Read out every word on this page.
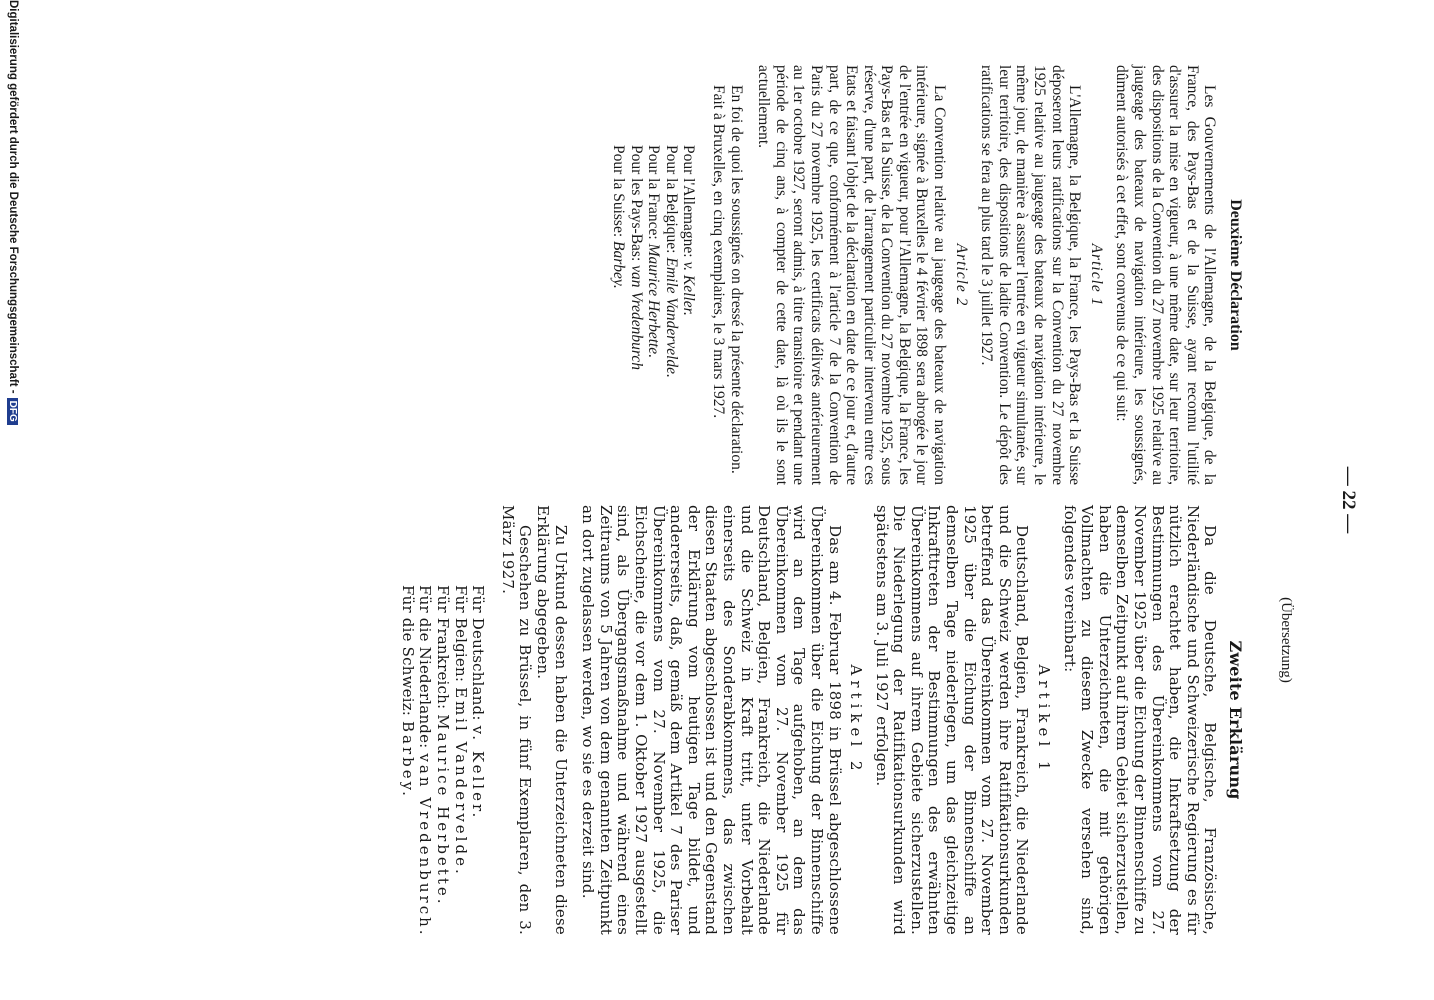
— 22 —
(Übersetzung)
Deuxième Déclaration

Les Gouvernements de l'Allemagne, de la Belgique, de la France, des Pays-Bas et de la Suisse, ayant reconnu l'utilité d'assurer la mise en vigueur, à une même date, sur leur territoire, des dispositions de la Convention du 27 novembre 1925 relative au jaugeage des bateaux de navigation intérieure, les soussignés, dûment autorisés à cet effet, sont convenus de ce qui suit:

Article 1

L'Allemagne, la Belgique, la France, les Pays-Bas et la Suisse déposeront leurs ratifications sur la Convention du 27 novembre 1925 relative au jaugeage des bateaux de navigation intérieure, le même jour, de manière à assurer l'entrée en vigueur simultanée, sur leur territoire, des dispositions de ladite Convention. Le dépôt des ratifications se fera au plus tard le 3 juillet 1927.

Article 2

La Convention relative au jaugeage des bateaux de navigation intérieure, signée à Bruxelles le 4 février 1898 sera abrogée le jour de l'entrée en vigueur, pour l'Allemagne, la Belgique, la France, les Pays-Bas et la Suisse, de la Convention du 27 novembre 1925, sous réserve, d'une part, de l'arrangement particulier intervenu entre ces Etats et faisant l'objet de la déclaration en date de ce jour et, d'autre part, de ce que, conformément à l'article 7 de la Convention de Paris du 27 novembre 1925, les certificats délivrés antérieurement au 1er octobre 1927, seront admis, à titre transitoire et pendant une période de cinq ans, à compter de cette date, là où ils le sont actuellement.

En foi de quoi les soussignés on dressé la présente déclaration.

Fait à Bruxelles, en cinq exemplaires, le 3 mars 1927.

Pour l'Allemagne: v. Keller.
Pour la Belgique: Emile Vandervelde.
Pour la France: Maurice Herbette.
Pour les Pays-Bas: van Vredenburch
Pour la Suisse: Barbey.
Zweite Erklärung

Da die Deutsche, Belgische, Französische, Niederländische und Schweizerische Regierung es für nützlich erachtet haben, die Inkraftsetzung der Bestimmungen des Übereinkommens vom 27. November 1925 über die Eichung der Binnenschiffe zu demselben Zeitpunkt auf ihrem Gebiet sicherzustellen, haben die Unterzeichneten, die mit gehörigen Vollmachten zu diesem Zwecke versehen sind, folgendes vereinbart:

Artikel 1

Deutschland, Belgien, Frankreich, die Niederlande und die Schweiz werden ihre Ratifikationsurkunden betreffend das Übereinkommen vom 27. November 1925 über die Eichung der Binnenschiffe an demselben Tage niederlegen, um das gleichzeitige Inkrafttreten der Bestimmungen des erwähnten Übereinkommens auf ihrem Gebiete sicherzustellen. Die Niederlegung der Ratifikationsurkunden wird spätestens am 3. Juli 1927 erfolgen.

Artikel 2

Das am 4. Februar 1898 in Brüssel abgeschlossene Übereinkommen über die Eichung der Binnenschiffe wird an dem Tage aufgehoben, an dem das Übereinkommen vom 27. November 1925 für Deutschland, Belgien, Frankreich, die Niederlande und die Schweiz in Kraft tritt, unter Vorbehalt einerseits des Sonderabkommens, das zwischen diesen Staaten abgeschlossen ist und den Gegenstand der Erklärung vom heutigen Tage bildet, und andererseits, daß, gemäß dem Artikel 7 des Pariser Übereinkommens vom 27. November 1925, die Eichscheine, die vor dem 1. Oktober 1927 ausgestellt sind, als Übergangsmaßnahme und während eines Zeitraums von 5 Jahren von dem genannten Zeitpunkt an dort zugelassen werden, wo sie es derzeit sind.

Zu Urkund dessen haben die Unterzeichneten diese Erklärung abgegeben.

Geschehen zu Brüssel, in fünf Exemplaren, den 3. März 1927.

Für Deutschland: v. Keller.
Für Belgien: Emil Vandervelde.
Für Frankreich: Maurice Herbette.
Für die Niederlande: van Vredenburch.
Für die Schweiz: Barbey.
Digitalisierung gefördert durch die Deutsche Forschungsgemeinschaft -DFG
